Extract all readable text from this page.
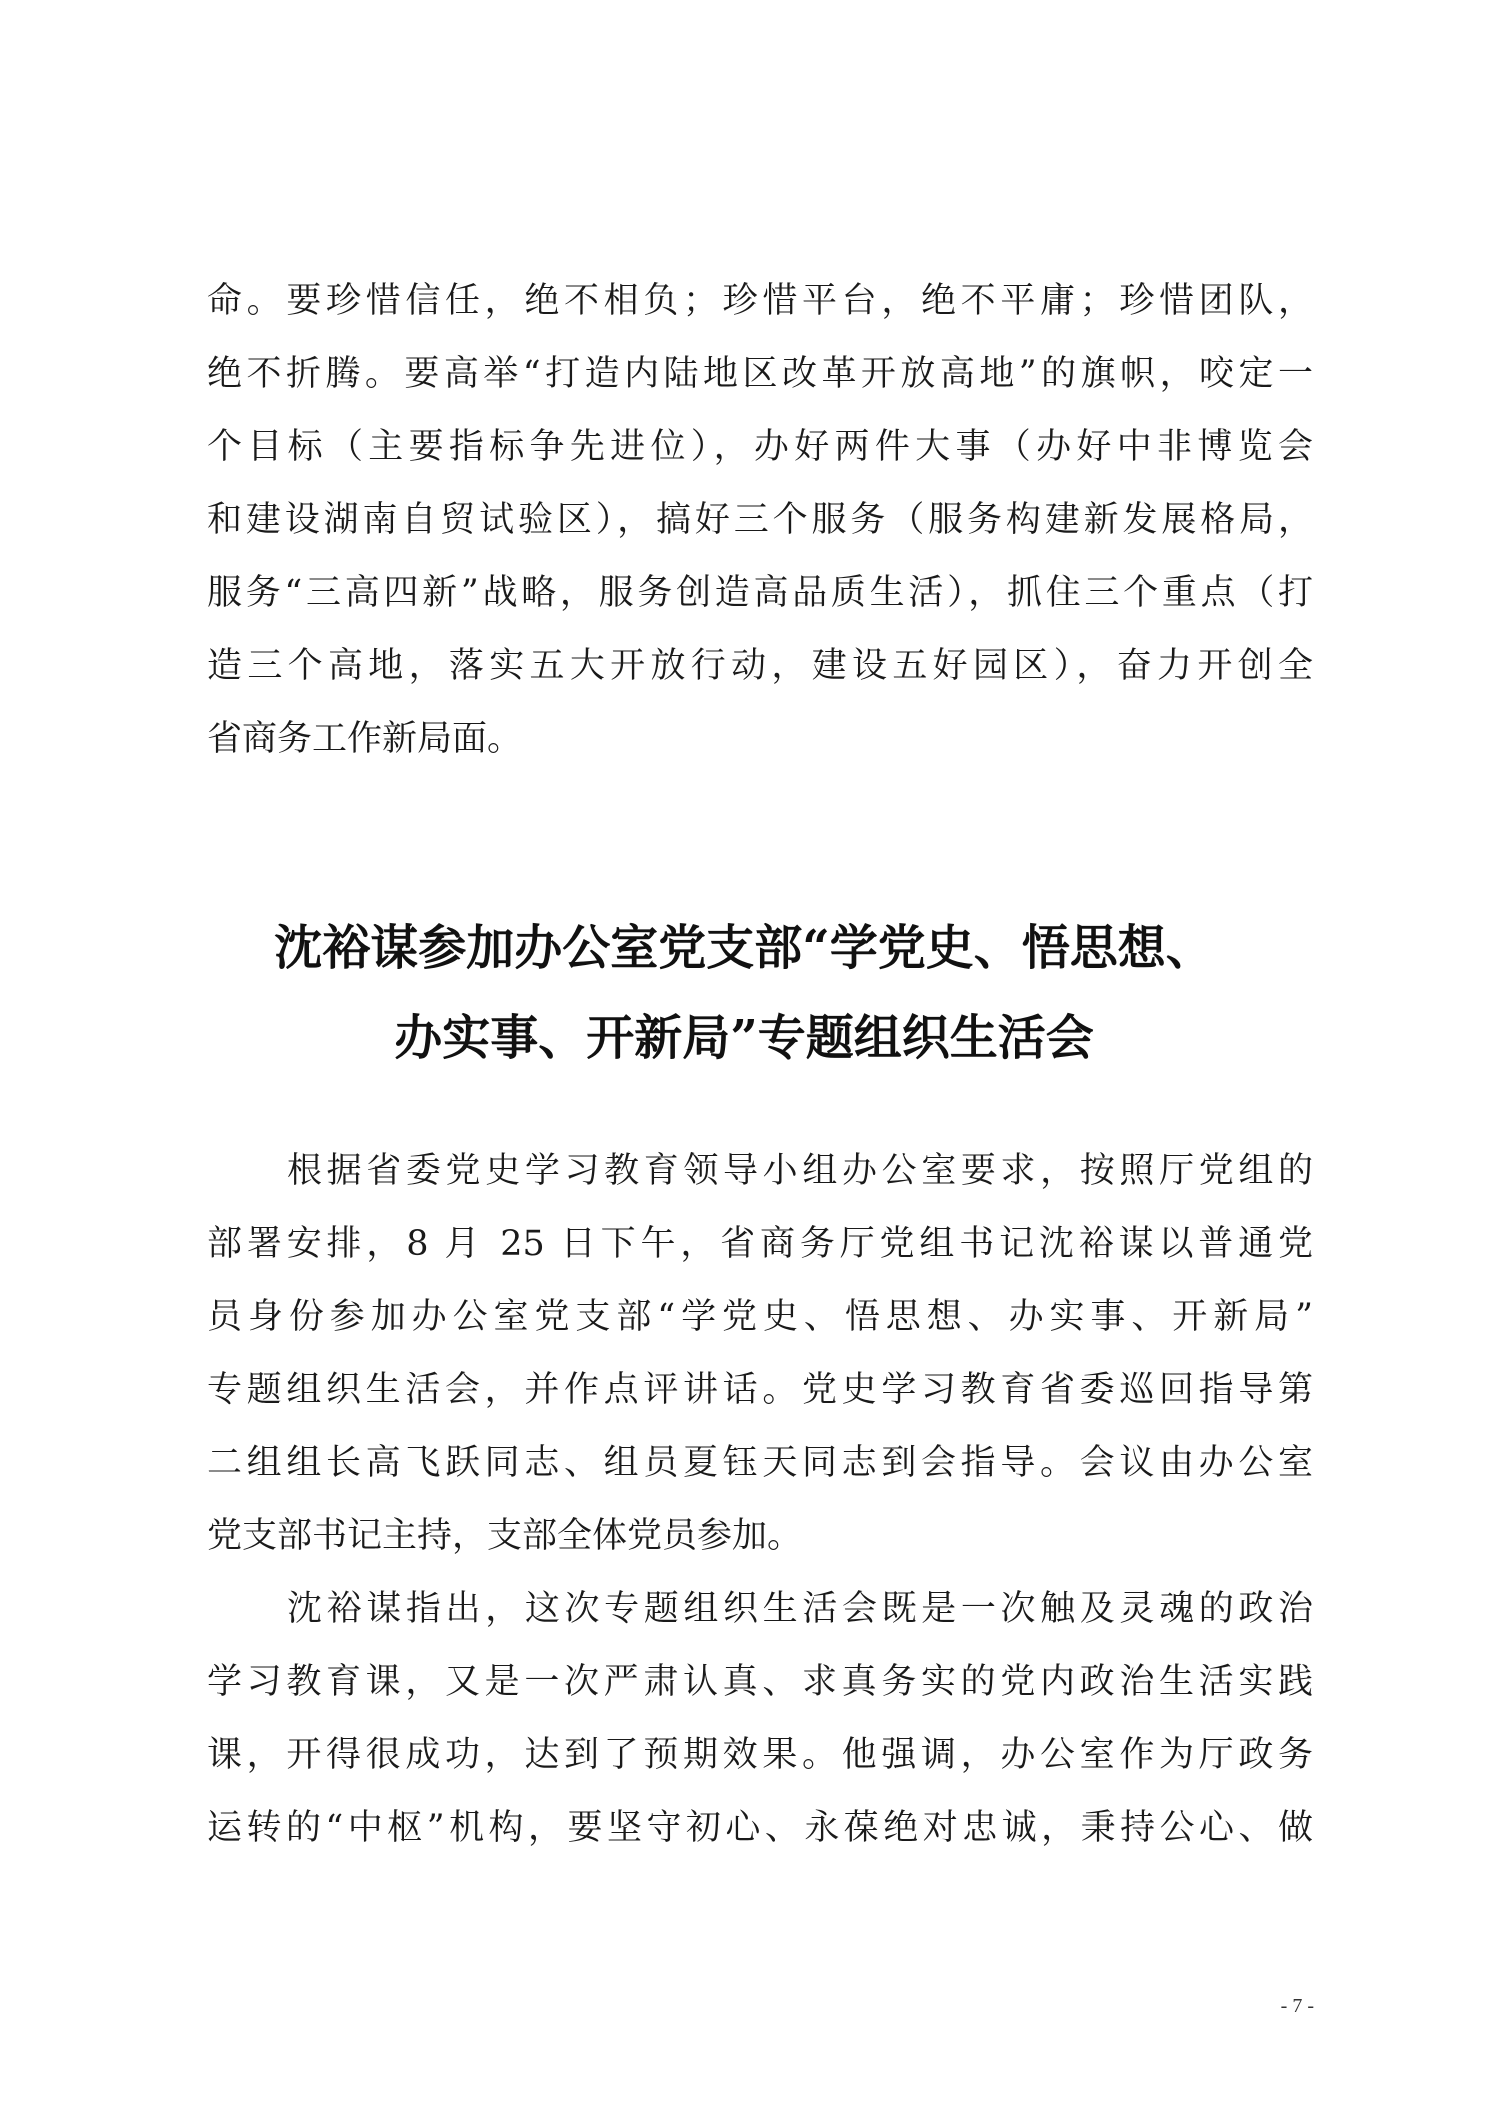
命。要珍惜信任，绝不相负；珍惜平台，绝不平庸；珍惜团队，
绝不折腾。要高举“打造内陆地区改革开放高地”的旗帜，咬定一
个目标（主要指标争先进位），办好两件大事（办好中非博览会
和建设湖南自贸试验区），搞好三个服务（服务构建新发展格局，
服务“三高四新”战略，服务创造高品质生活），抓住三个重点（打
造三个高地，落实五大开放行动，建设五好园区），奋力开创全
省商务工作新局面。
沈裕谋参加办公室党支部“学党史、悟思想、
办实事、开新局”专题组织生活会
根据省委党史学习教育领导小组办公室要求，按照厅党组的
部署安排，8 月 25 日下午，省商务厅党组书记沈裕谋以普通党
员身份参加办公室党支部“学党史、悟思想、办实事、开新局”
专题组织生活会，并作点评讲话。党史学习教育省委巡回指导第
二组组长高飞跃同志、组员夏钰天同志到会指导。会议由办公室
党支部书记主持，支部全体党员参加。
沈裕谋指出，这次专题组织生活会既是一次触及灵魂的政治
学习教育课，又是一次严肃认真、求真务实的党内政治生活实践
课，开得很成功，达到了预期效果。他强调，办公室作为厅政务
运转的“中枢”机构，要坚守初心、永葆绝对忠诚，秉持公心、做
- 7 -
